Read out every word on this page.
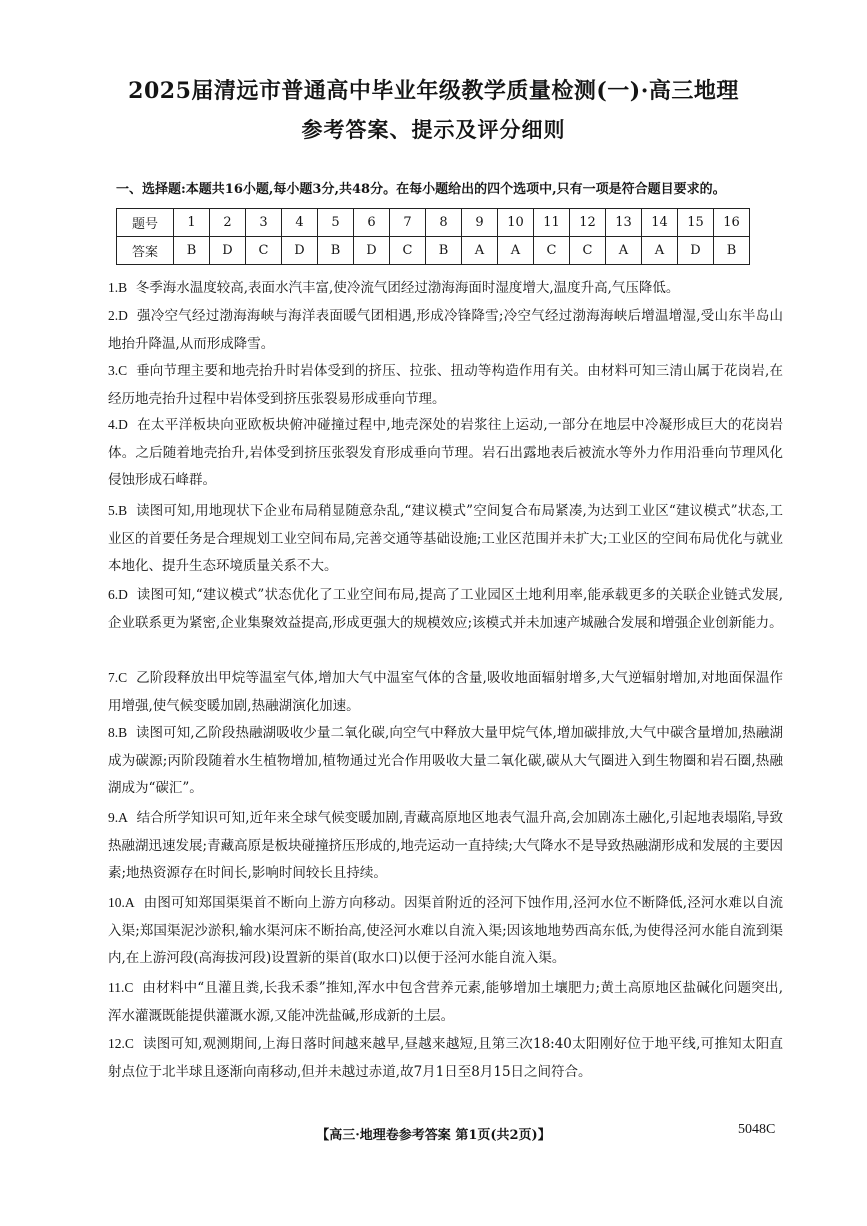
2025届清远市普通高中毕业年级教学质量检测(一)·高三地理
参考答案、提示及评分细则
一、选择题:本题共16小题,每小题3分,共48分。在每小题给出的四个选项中,只有一项是符合题目要求的。
题号	1	2	3	4	5	6	7	8	9	10	11	12	13	14	15	16
答案	B	D	C	D	B	D	C	B	A	A	C	C	A	A	D	B
1.B 冬季海水温度较高,表面水汽丰富,使冷流气团经过渤海海面时湿度增大,温度升高,气压降低。
2.D 强冷空气经过渤海海峡与海洋表面暖气团相遇,形成冷锋降雪;冷空气经过渤海海峡后增温增湿,受山东半岛山地抬升降温,从而形成降雪。
3.C 垂向节理主要和地壳抬升时岩体受到的挤压、拉张、扭动等构造作用有关。由材料可知三清山属于花岗岩,在经历地壳抬升过程中岩体受到挤压张裂易形成垂向节理。
4.D 在太平洋板块向亚欧板块俯冲碰撞过程中,地壳深处的岩浆往上运动,一部分在地层中冷凝形成巨大的花岗岩体。之后随着地壳抬升,岩体受到挤压张裂发育形成垂向节理。岩石出露地表后被流水等外力作用沿垂向节理风化侵蚀形成石峰群。
5.B 读图可知,用地现状下企业布局稍显随意杂乱,“建议模式”空间复合布局紧凑,为达到工业区“建议模式”状态,工业区的首要任务是合理规划工业空间布局,完善交通等基础设施;工业区范围并未扩大;工业区的空间布局优化与就业本地化、提升生态环境质量关系不大。
6.D 读图可知,“建议模式”状态优化了工业空间布局,提高了工业园区土地利用率,能承载更多的关联企业链式发展,企业联系更为紧密,企业集聚效益提高,形成更强大的规模效应;该模式并未加速产城融合发展和增强企业创新能力。
7.C 乙阶段释放出甲烷等温室气体,增加大气中温室气体的含量,吸收地面辐射增多,大气逆辐射增加,对地面保温作用增强,使气候变暖加剧,热融湖演化加速。
8.B 读图可知,乙阶段热融湖吸收少量二氧化碳,向空气中释放大量甲烷气体,增加碳排放,大气中碳含量增加,热融湖成为碳源;丙阶段随着水生植物增加,植物通过光合作用吸收大量二氧化碳,碳从大气圈进入到生物圈和岩石圈,热融湖成为“碳汇”。
9.A 结合所学知识可知,近年来全球气候变暖加剧,青藏高原地区地表气温升高,会加剧冻土融化,引起地表塌陷,导致热融湖迅速发展;青藏高原是板块碰撞挤压形成的,地壳运动一直持续;大气降水不是导致热融湖形成和发展的主要因素;地热资源存在时间长,影响时间较长且持续。
10.A 由图可知郑国渠渠首不断向上游方向移动。因渠首附近的泾河下蚀作用,泾河水位不断降低,泾河水难以自流入渠;郑国渠泥沙淤积,输水渠河床不断抬高,使泾河水难以自流入渠;因该地地势西高东低,为使得泾河水能自流到渠内,在上游河段(高海拔河段)设置新的渠首(取水口)以便于泾河水能自流入渠。
11.C 由材料中“且灌且粪,长我禾黍”推知,浑水中包含营养元素,能够增加土壤肥力;黄土高原地区盐碱化问题突出,浑水灌溉既能提供灌溉水源,又能冲洗盐碱,形成新的土层。
12.C 读图可知,观测期间,上海日落时间越来越早,昼越来越短,且第三次18:40太阳刚好位于地平线,可推知太阳直射点位于北半球且逐渐向南移动,但并未越过赤道,故7月1日至8月15日之间符合。
【高三·地理卷参考答案 第1页(共2页)】	5048C
